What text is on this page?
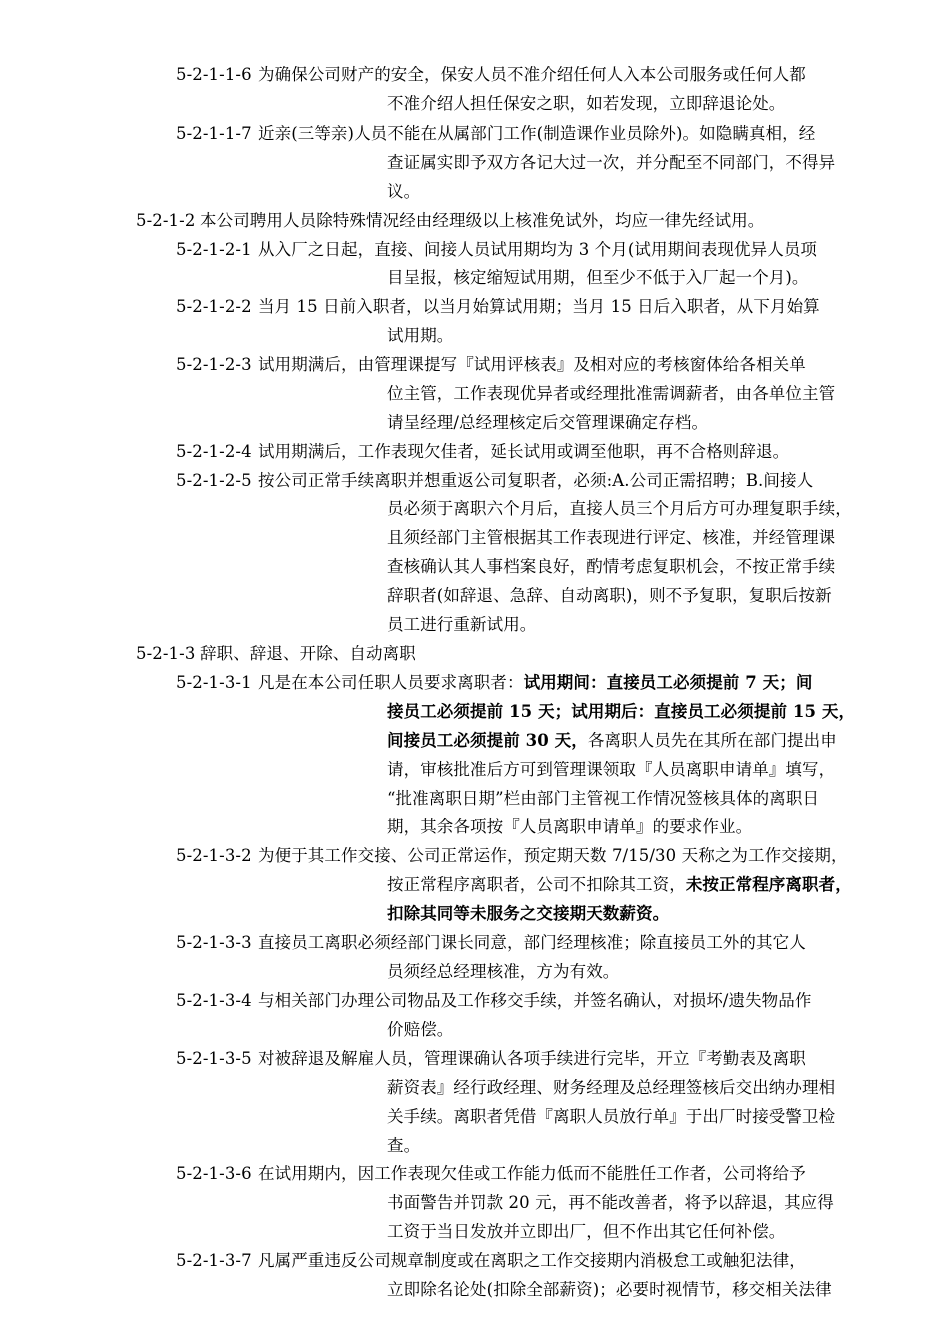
5-2-1-1-6 为确保公司财产的安全，保安人员不准介绍任何人入本公司服务或任何人都
不准介绍人担任保安之职，如若发现，立即辞退论处。
5-2-1-1-7 近亲(三等亲)人员不能在从属部门工作(制造课作业员除外)。如隐瞒真相，经
查证属实即予双方各记大过一次，并分配至不同部门，不得异
议。
5-2-1-2 本公司聘用人员除特殊情况经由经理级以上核准免试外，均应一律先经试用。
5-2-1-2-1 从入厂之日起，直接、间接人员试用期均为 3 个月(试用期间表现优异人员项
目呈报，核定缩短试用期，但至少不低于入厂起一个月)。
5-2-1-2-2 当月 15 日前入职者，以当月始算试用期；当月 15 日后入职者，从下月始算
试用期。
5-2-1-2-3 试用期满后，由管理课提写『试用评核表』及相对应的考核窗体给各相关单
位主管，工作表现优异者或经理批准需调薪者，由各单位主管
请呈经理/总经理核定后交管理课确定存档。
5-2-1-2-4 试用期满后，工作表现欠佳者，延长试用或调至他职，再不合格则辞退。
5-2-1-2-5 按公司正常手续离职并想重返公司复职者，必须:A.公司正需招聘；B.间接人
员必须于离职六个月后，直接人员三个月后方可办理复职手续，
且须经部门主管根据其工作表现进行评定、核准，并经管理课
查核确认其人事档案良好，酌情考虑复职机会，不按正常手续
辞职者(如辞退、急辞、自动离职)，则不予复职，复职后按新
员工进行重新试用。
5-2-1-3 辞职、辞退、开除、自动离职
5-2-1-3-1 凡是在本公司任职人员要求离职者：试用期间：直接员工必须提前 7 天；间
接员工必须提前 15 天；试用期后：直接员工必须提前 15 天，
间接员工必须提前 30 天，各离职人员先在其所在部门提出申
请，审核批准后方可到管理课领取『人员离职申请单』填写，
“批准离职日期”栏由部门主管视工作情况签核具体的离职日
期，其余各项按『人员离职申请单』的要求作业。
5-2-1-3-2 为便于其工作交接、公司正常运作，预定期天数 7/15/30 天称之为工作交接期，
按正常程序离职者，公司不扣除其工资，未按正常程序离职者，
扣除其同等未服务之交接期天数薪资。
5-2-1-3-3 直接员工离职必须经部门课长同意，部门经理核准；除直接员工外的其它人
员须经总经理核准，方为有效。
5-2-1-3-4 与相关部门办理公司物品及工作移交手续，并签名确认，对损坏/遗失物品作
价赔偿。
5-2-1-3-5 对被辞退及解雇人员，管理课确认各项手续进行完毕，开立『考勤表及离职
薪资表』经行政经理、财务经理及总经理签核后交出纳办理相
关手续。离职者凭借『离职人员放行单』于出厂时接受警卫检
查。
5-2-1-3-6 在试用期内，因工作表现欠佳或工作能力低而不能胜任工作者，公司将给予
书面警告并罚款 20 元，再不能改善者，将予以辞退，其应得
工资于当日发放并立即出厂，但不作出其它任何补偿。
5-2-1-3-7 凡属严重违反公司规章制度或在离职之工作交接期内消极怠工或触犯法律，
立即除名论处(扣除全部薪资)；必要时视情节，移交相关法律
